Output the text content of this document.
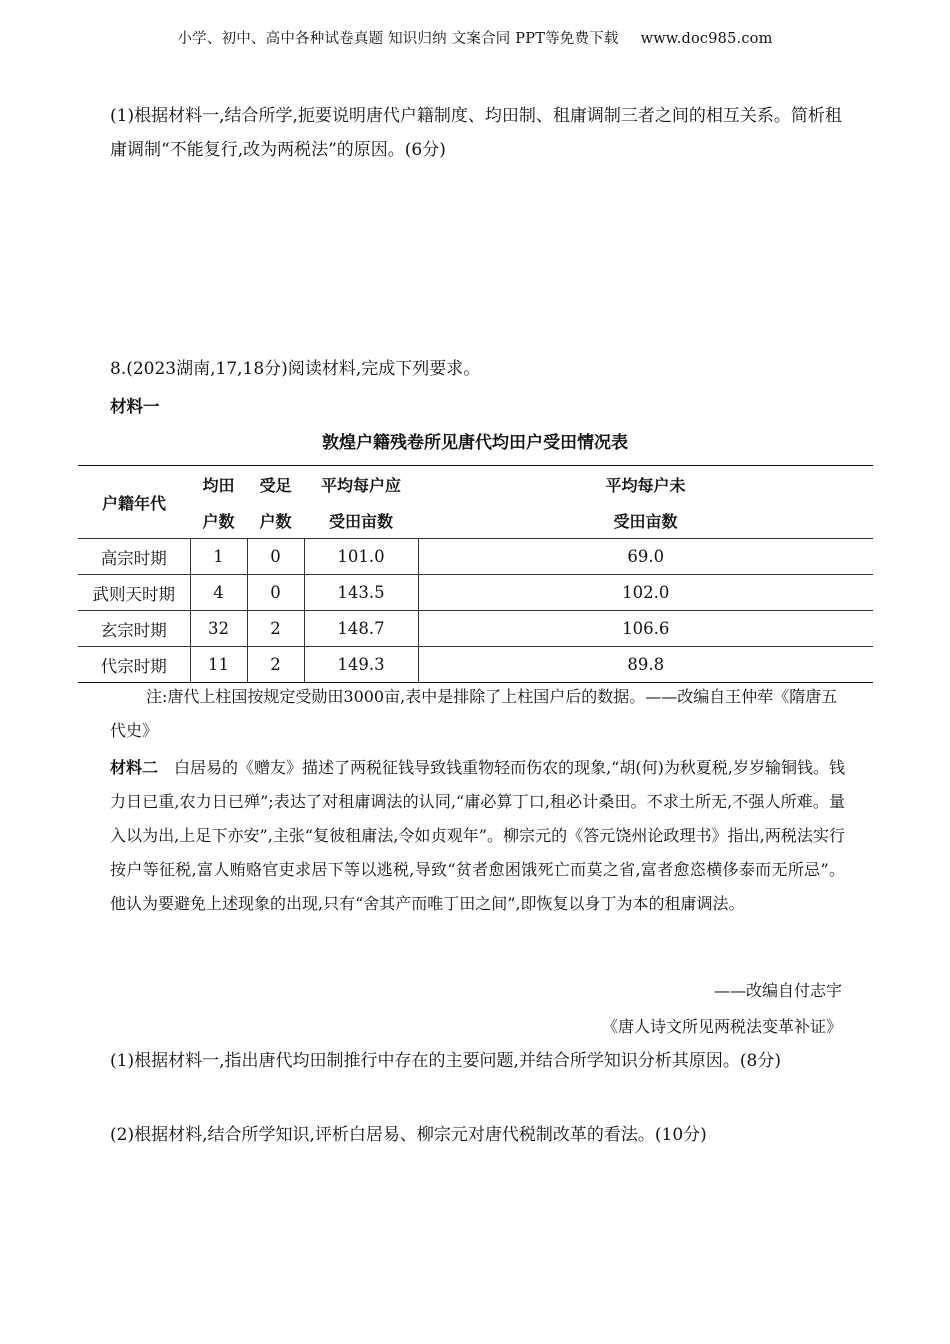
小学、初中、高中各种试卷真题 知识归纳 文案合同 PPT等免费下载 www.doc985.com
(1)根据材料一,结合所学,扼要说明唐代户籍制度、均田制、租庸调制三者之间的相互关系。简析租庸调制“不能复行,改为两税法”的原因。(6分)
8.(2023湖南,17,18分)阅读材料,完成下列要求。
材料一
敦煌户籍残卷所见唐代均田户受田情况表
户籍年代	均田	受足	平均每户应	平均每户未
	户数	户数	受田亩数	受田亩数
高宗时期	1	0	101.0	69.0
武则天时期	4	0	143.5	102.0
玄宗时期	32	2	148.7	106.6
代宗时期	11	2	149.3	89.8
注:唐代上柱国按规定受勋田3000亩,表中是排除了上柱国户后的数据。——改编自王仲荦《隋唐五代史》
材料二 白居易的《赠友》描述了两税征钱导致钱重物轻而伤农的现象,“胡(何)为秋夏税,岁岁输铜钱。钱力日已重,农力日已殚”;表达了对租庸调法的认同,“庸必算丁口,租必计桑田。不求土所无,不强人所难。量入以为出,上足下亦安”,主张“复彼租庸法,令如贞观年”。柳宗元的《答元饶州论政理书》指出,两税法实行按户等征税,富人贿赂官吏求居下等以逃税,导致“贫者愈困饿死亡而莫之省,富者愈恣横侈泰而无所忌”。他认为要避免上述现象的出现,只有“舍其产而唯丁田之间”,即恢复以身丁为本的租庸调法。
——改编自付志宇
《唐人诗文所见两税法变革补证》
(1)根据材料一,指出唐代均田制推行中存在的主要问题,并结合所学知识分析其原因。(8分)
(2)根据材料,结合所学知识,评析白居易、柳宗元对唐代税制改革的看法。(10分)
